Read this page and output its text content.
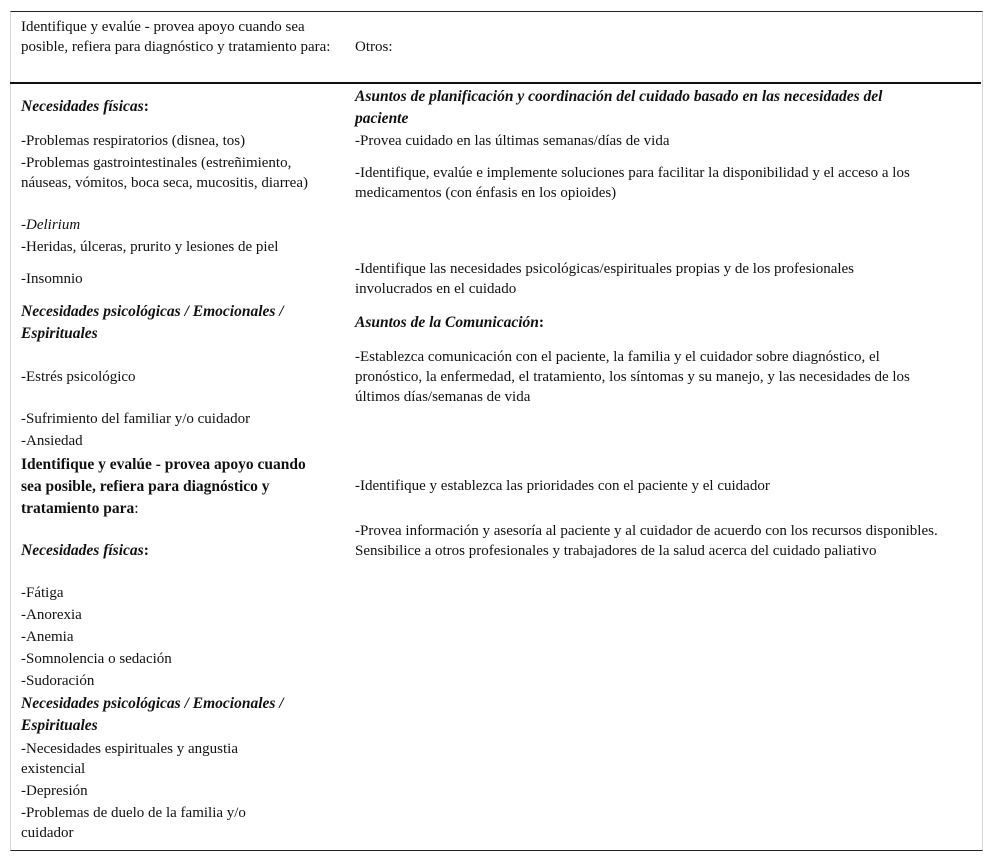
Identifique y evalúe - provea apoyo cuando sea posible, refiera para diagnóstico y tratamiento para:	Otros:

Necesidades físicas:

-Problemas respiratorios (disnea, tos)

-Problemas gastrointestinales (estreñimiento, náuseas, vómitos, boca seca, mucositis, diarrea)

-Delirium

-Heridas, úlceras, prurito y lesiones de piel

-Insomnio

Necesidades psicológicas / Emocionales / Espirituales

-Estrés psicológico

-Sufrimiento del familiar y/o cuidador

-Ansiedad

Identifique y evalúe - provea apoyo cuando sea posible, refiera para diagnóstico y tratamiento para:

Necesidades físicas:

-Fátiga

-Anorexia

-Anemia

-Somnolencia o sedación

-Sudoración

Necesidades psicológicas / Emocionales / Espirituales

-Necesidades espirituales y angustia existencial

-Depresión

-Problemas de duelo de la familia y/o cuidador

Asuntos de planificación y coordinación del cuidado basado en las necesidades del paciente

-Provea cuidado en las últimas semanas/días de vida

-Identifique, evalúe e implemente soluciones para facilitar la disponibilidad y el acceso a los medicamentos (con énfasis en los opioides)

-Identifique las necesidades psicológicas/espirituales propias y de los profesionales involucrados en el cuidado

Asuntos de la Comunicación:

-Establezca comunicación con el paciente, la familia y el cuidador sobre diagnóstico, el pronóstico, la enfermedad, el tratamiento, los síntomas y su manejo, y las necesidades de los últimos días/semanas de vida

-Identifique y establezca las prioridades con el paciente y el cuidador

-Provea información y asesoría al paciente y al cuidador de acuerdo con los recursos disponibles. Sensibilice a otros profesionales y trabajadores de la salud acerca del cuidado paliativo
